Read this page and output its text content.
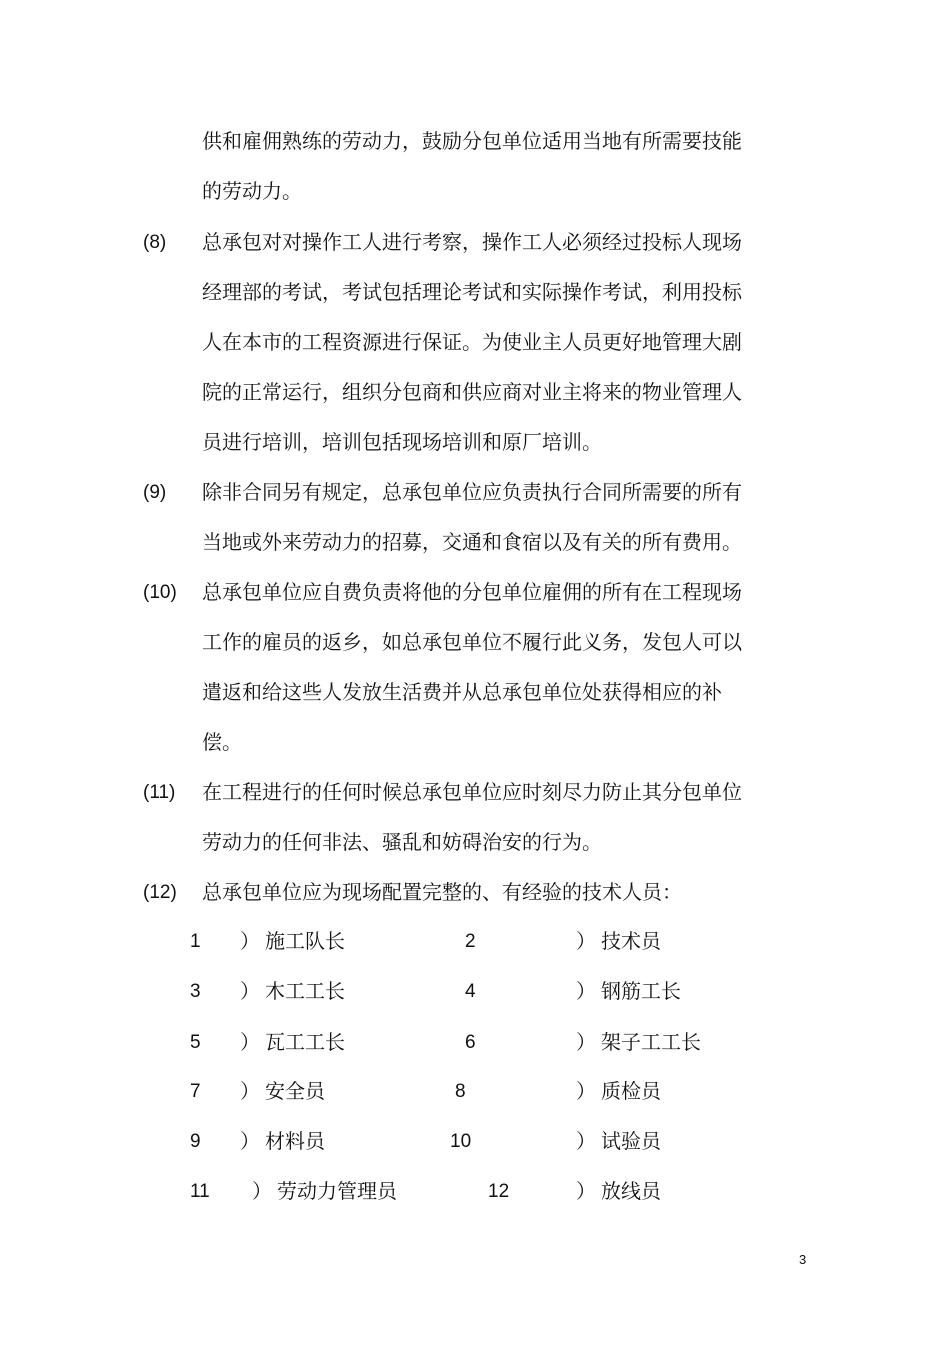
供和雇佣熟练的劳动力，鼓励分包单位适用当地有所需要技能
的劳动力。
(8) 总承包对对操作工人进行考察，操作工人必须经过投标人现场
经理部的考试，考试包括理论考试和实际操作考试，利用投标
人在本市的工程资源进行保证。为使业主人员更好地管理大剧
院的正常运行，组织分包商和供应商对业主将来的物业管理人
员进行培训，培训包括现场培训和原厂培训。
(9) 除非合同另有规定，总承包单位应负责执行合同所需要的所有
当地或外来劳动力的招募，交通和食宿以及有关的所有费用。
(10) 总承包单位应自费负责将他的分包单位雇佣的所有在工程现场
工作的雇员的返乡，如总承包单位不履行此义务，发包人可以
遣返和给这些人发放生活费并从总承包单位处获得相应的补
偿。
(11) 在工程进行的任何时候总承包单位应时刻尽力防止其分包单位
劳动力的任何非法、骚乱和妨碍治安的行为。
(12) 总承包单位应为现场配置完整的、有经验的技术人员：
1 ） 施工队长	2	） 技术员
3 ） 木工工长	4	） 钢筋工长
5 ） 瓦工工长	6	） 架子工工长
7 ） 安全员	8	） 质检员
9 ） 材料员	10	） 试验员
11 ） 劳动力管理员	12	） 放线员
3
